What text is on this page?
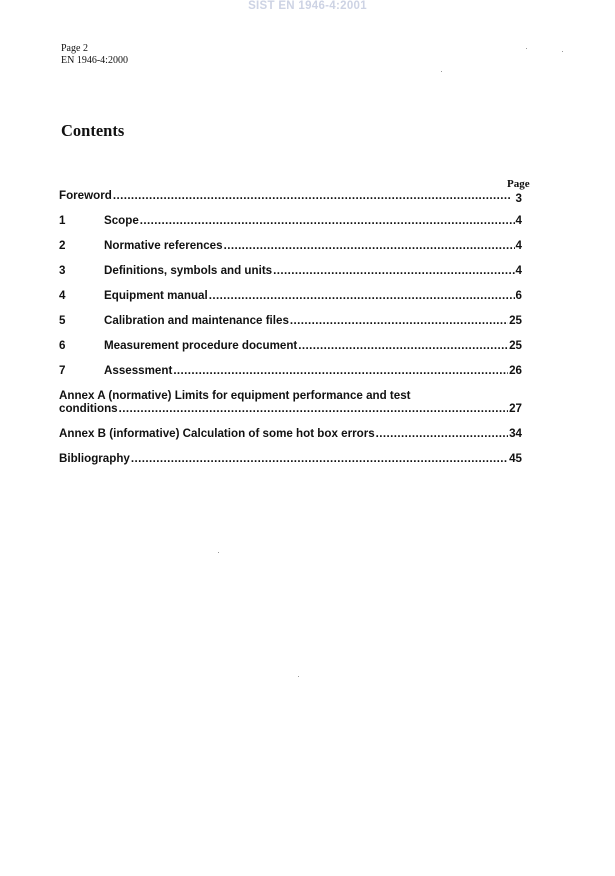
SIST EN 1946-4:2001
Page 2
EN 1946-4:2000
Contents
Page
Foreword .....	3
1	Scope .....	4
2	Normative references .....	4
3	Definitions, symbols and units .....	4
4	Equipment manual .....	6
5	Calibration and maintenance files .....	25
6	Measurement procedure document .....	25
7	Assessment .....	26
Annex A (normative) Limits for equipment performance and test
conditions .....	27
Annex B (informative) Calculation of some hot box errors .....	34
Bibliography .....	45
